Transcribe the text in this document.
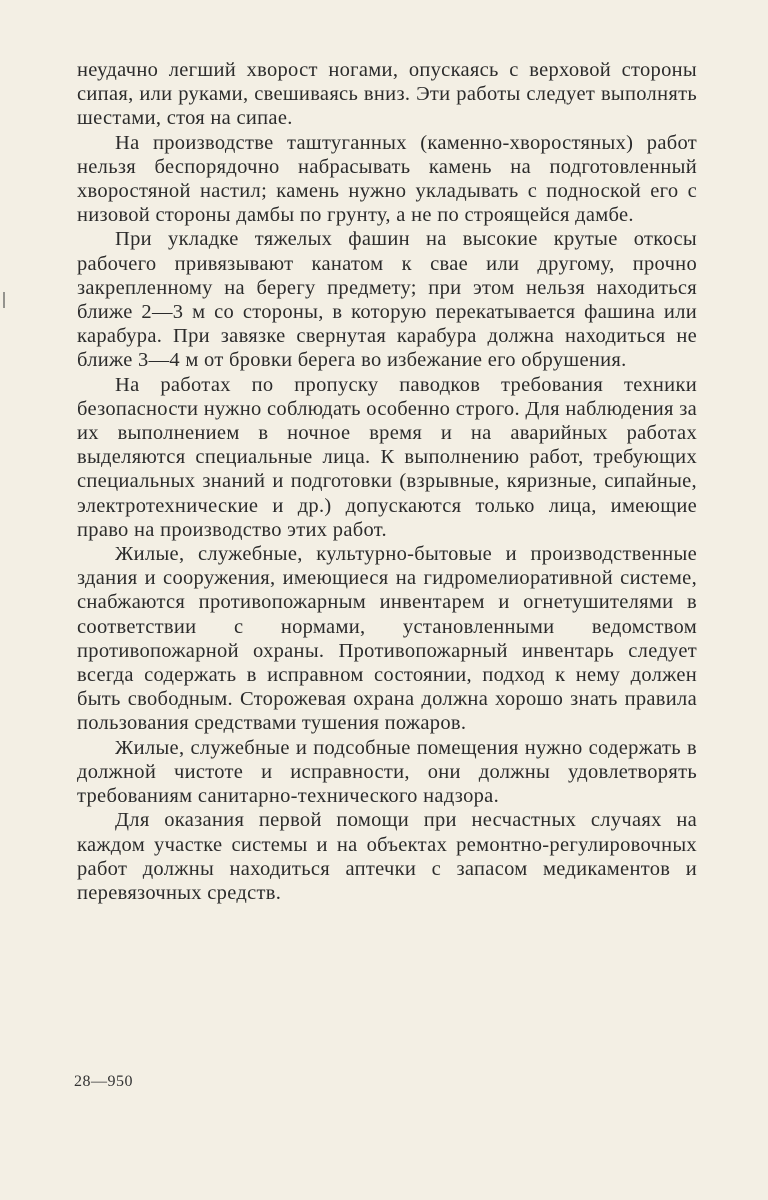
неудачно легший хворост ногами, опускаясь с верховой стороны сипая, или руками, свешиваясь вниз. Эти работы следует выполнять шестами, стоя на сипае.

На производстве таштуганных (каменно-хворостяных) работ нельзя беспорядочно набрасывать камень на подготовленный хворостяной настил; камень нужно укладывать с подноской его с низовой стороны дамбы по грунту, а не по строящейся дамбе.

При укладке тяжелых фашин на высокие крутые откосы рабочего привязывают канатом к свае или другому, прочно закрепленному на берегу предмету; при этом нельзя находиться ближе 2—3 м со стороны, в которую перекатывается фашина или карабура. При завязке свернутая карабура должна находиться не ближе 3—4 м от бровки берега во избежание его обрушения.

На работах по пропуску паводков требования техники безопасности нужно соблюдать особенно строго. Для наблюдения за их выполнением в ночное время и на аварийных работах выделяются специальные лица. К выполнению работ, требующих специальных знаний и подготовки (взрывные, кяризные, сипайные, электротехнические и др.) допускаются только лица, имеющие право на производство этих работ.

Жилые, служебные, культурно-бытовые и производственные здания и сооружения, имеющиеся на гидромелиоративной системе, снабжаются противопожарным инвентарем и огнетушителями в соответствии с нормами, установленными ведомством противопожарной охраны. Противопожарный инвентарь следует всегда содержать в исправном состоянии, подход к нему должен быть свободным. Сторожевая охрана должна хорошо знать правила пользования средствами тушения пожаров.

Жилые, служебные и подсобные помещения нужно содержать в должной чистоте и исправности, они должны удовлетворять требованиям санитарно-технического надзора.

Для оказания первой помощи при несчастных случаях на каждом участке системы и на объектах ремонтно-регулировочных работ должны находиться аптечки с запасом медикаментов и перевязочных средств.

28—950
